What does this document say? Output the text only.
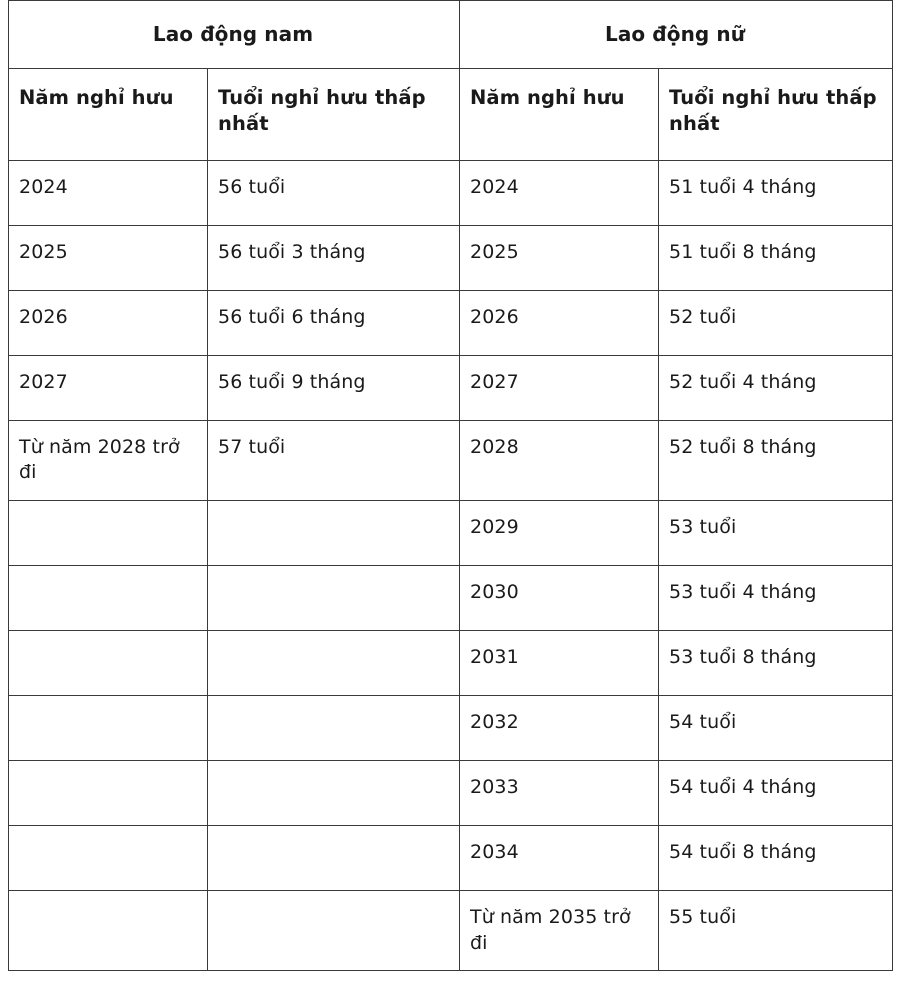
Lao động nam		Lao động nữ	
Năm nghỉ hưu	Tuổi nghỉ hưu thấp nhất	Năm nghỉ hưu	Tuổi nghỉ hưu thấp nhất
2024	56 tuổi	2024	51 tuổi 4 tháng
2025	56 tuổi 3 tháng	2025	51 tuổi 8 tháng
2026	56 tuổi 6 tháng	2026	52 tuổi
2027	56 tuổi 9 tháng	2027	52 tuổi 4 tháng
Từ năm 2028 trở đi	57 tuổi	2028	52 tuổi 8 tháng
		2029	53 tuổi
		2030	53 tuổi 4 tháng
		2031	53 tuổi 8 tháng
		2032	54 tuổi
		2033	54 tuổi 4 tháng
		2034	54 tuổi 8 tháng
		Từ năm 2035 trở đi	55 tuổi
